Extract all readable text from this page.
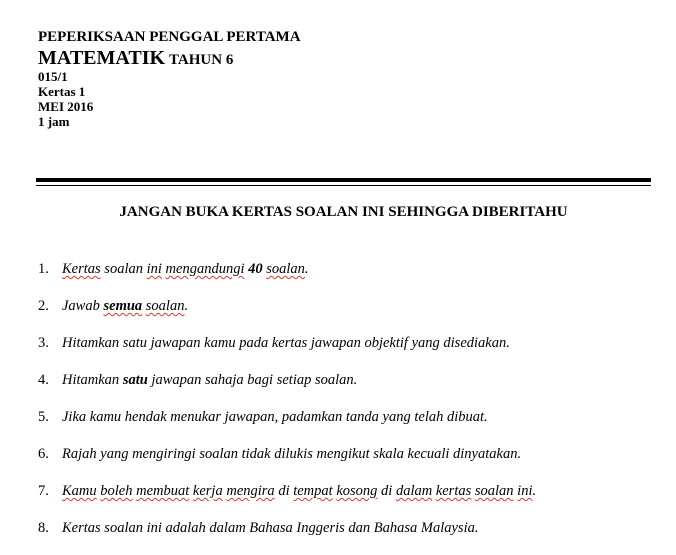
PEPERIKSAAN PENGGAL PERTAMA
MATEMATIK TAHUN 6
015/1
Kertas 1
MEI 2016
1 jam
JANGAN BUKA KERTAS SOALAN INI SEHINGGA DIBERITAHU
1. Kertas soalan ini mengandungi 40 soalan.
2. Jawab semua soalan.
3. Hitamkan satu jawapan kamu pada kertas jawapan objektif yang disediakan.
4. Hitamkan satu jawapan sahaja bagi setiap soalan.
5. Jika kamu hendak menukar jawapan, padamkan tanda yang telah dibuat.
6. Rajah yang mengiringi soalan tidak dilukis mengikut skala kecuali dinyatakan.
7. Kamu boleh membuat kerja mengira di tempat kosong di dalam kertas soalan ini.
8. Kertas soalan ini adalah dalam Bahasa Inggeris dan Bahasa Malaysia.
